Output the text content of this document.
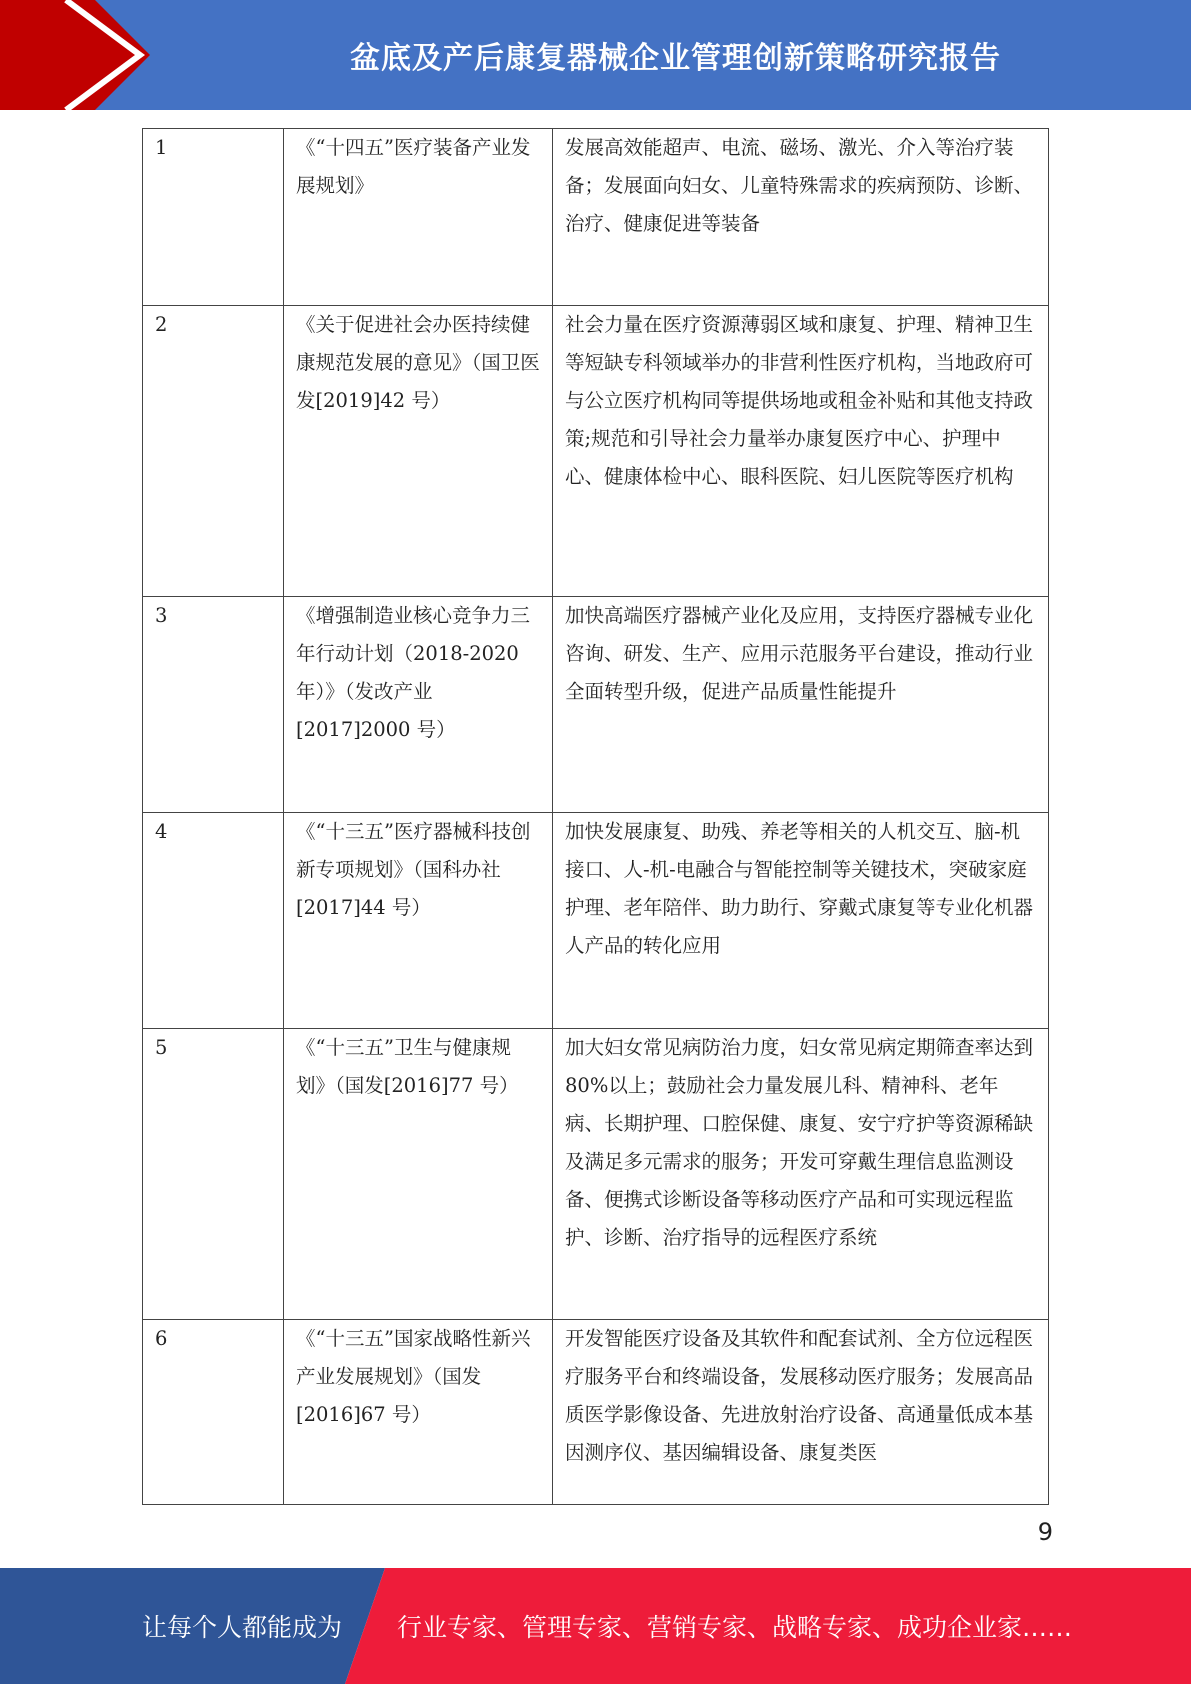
盆底及产后康复器械企业管理创新策略研究报告
1	《“十四五”医疗装备产业发展规划》	发展高效能超声、电流、磁场、激光、介入等治疗装备；发展面向妇女、儿童特殊需求的疾病预防、诊断、治疗、健康促进等装备
2	《关于促进社会办医持续健康规范发展的意见》（国卫医发[2019]42 号）	社会力量在医疗资源薄弱区域和康复、护理、精神卫生等短缺专科领域举办的非营利性医疗机构，当地政府可与公立医疗机构同等提供场地或租金补贴和其他支持政策;规范和引导社会力量举办康复医疗中心、护理中心、健康体检中心、眼科医院、妇儿医院等医疗机构
3	《增强制造业核心竞争力三年行动计划（2018-2020 年）》（发改产业[2017]2000 号）	加快高端医疗器械产业化及应用，支持医疗器械专业化咨询、研发、生产、应用示范服务平台建设，推动行业全面转型升级，促进产品质量性能提升
4	《“十三五”医疗器械科技创新专项规划》（国科办社[2017]44 号）	加快发展康复、助残、养老等相关的人机交互、脑-机接口、人-机-电融合与智能控制等关键技术，突破家庭护理、老年陪伴、助力助行、穿戴式康复等专业化机器人产品的转化应用
5	《“十三五”卫生与健康规划》（国发[2016]77 号）	加大妇女常见病防治力度，妇女常见病定期筛查率达到 80%以上；鼓励社会力量发展儿科、精神科、老年病、长期护理、口腔保健、康复、安宁疗护等资源稀缺及满足多元需求的服务；开发可穿戴生理信息监测设备、便携式诊断设备等移动医疗产品和可实现远程监护、诊断、治疗指导的远程医疗系统
6	《“十三五”国家战略性新兴产业发展规划》（国发[2016]67 号）	开发智能医疗设备及其软件和配套试剂、全方位远程医疗服务平台和终端设备，发展移动医疗服务；发展高品质医学影像设备、先进放射治疗设备、高通量低成本基因测序仪、基因编辑设备、康复类医
9
让每个人都能成为 行业专家、管理专家、营销专家、战略专家、成功企业家……
